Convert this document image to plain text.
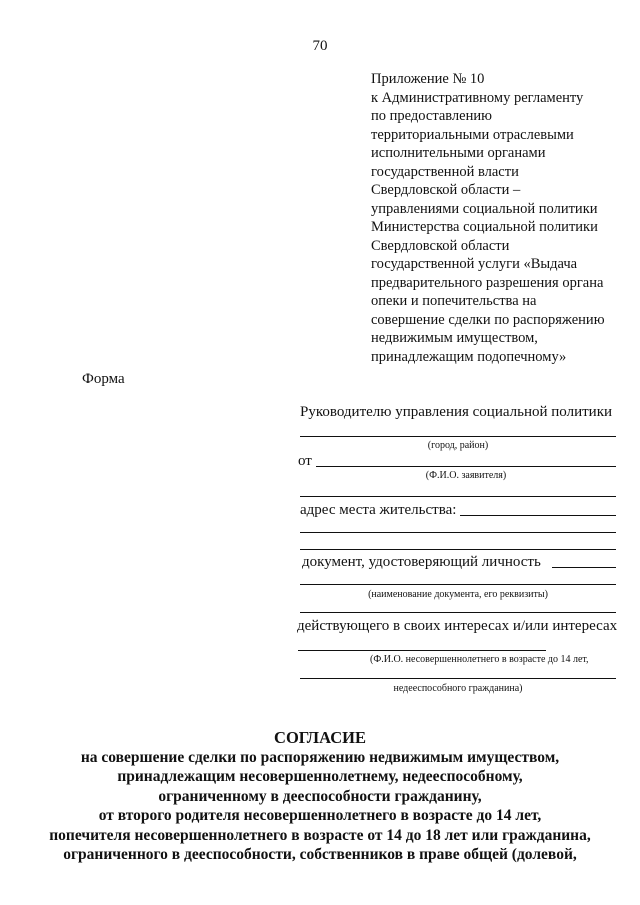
70
Приложение № 10
к Административному регламенту
по предоставлению
территориальными отраслевыми
исполнительными органами
государственной власти
Свердловской области –
управлениями социальной политики
Министерства социальной политики
Свердловской области
государственной услуги «Выдача
предварительного разрешения органа
опеки и попечительства на
совершение сделки по распоряжению
недвижимым имуществом,
принадлежащим подопечному»
Форма
Руководителю управления социальной политики
(город, район)
от
(Ф.И.О. заявителя)
адрес места жительства:
документ, удостоверяющий личность
(наименование документа, его реквизиты)
действующего в своих интересах и/или интересах
(Ф.И.О. несовершеннолетнего в возрасте до 14 лет,
недееспособного гражданина)
СОГЛАСИЕ
на совершение сделки по распоряжению недвижимым имуществом,
принадлежащим несовершеннолетнему, недееспособному,
ограниченному в дееспособности гражданину,
от второго родителя несовершеннолетнего в возрасте до 14 лет,
попечителя несовершеннолетнего в возрасте от 14 до 18 лет или гражданина,
ограниченного в дееспособности, собственников в праве общей (долевой,
